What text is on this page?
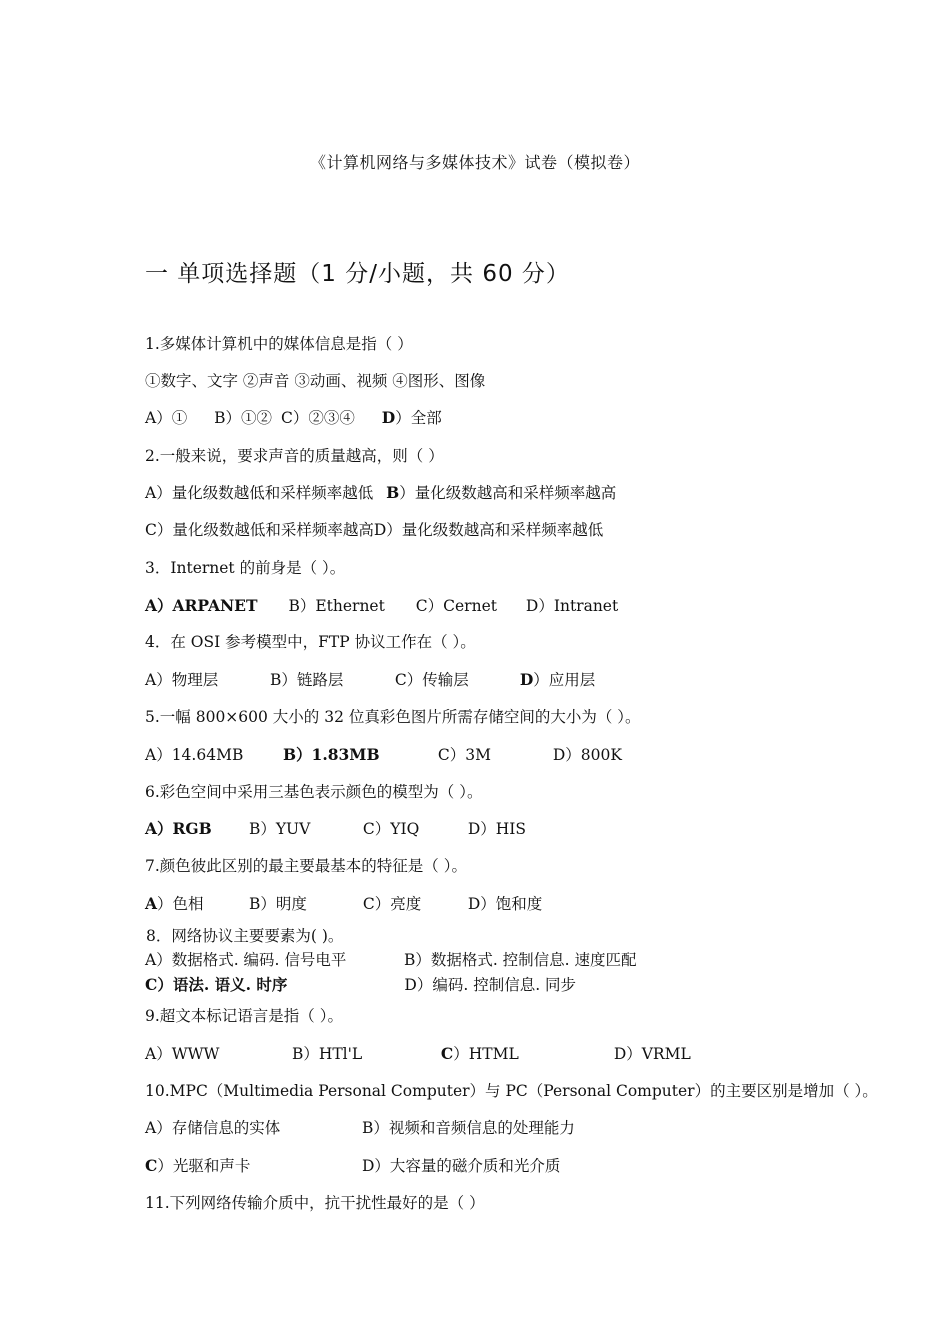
《计算机网络与多媒体技术》试卷（模拟卷）
一 单项选择题（1 分/小题，共 60 分）
1.多媒体计算机中的媒体信息是指（ ）
①数字、文字 ②声音 ③动画、视频 ④图形、图像
A）① B）①② C）②③④ D）全部
2.一般来说，要求声音的质量越高，则（ ）
A）量化级数越低和采样频率越低 B）量化级数越高和采样频率越高
C）量化级数越低和采样频率越高D）量化级数越高和采样频率越低
3．Internet 的前身是（ ）。
A）ARPANET B）Ethernet C）Cernet D）Intranet
4．在 OSI 参考模型中，FTP 协议工作在（ ）。
A）物理层	B）链路层	C）传输层	D）应用层
5.一幅 800×600 大小的 32 位真彩色图片所需存储空间的大小为（ ）。
A）14.64MB	B）1.83MB	C）3M	D）800K
6.彩色空间中采用三基色表示颜色的模型为（ ）。
A）RGB B）YUV	C）YIQ	D）HIS
7.颜色彼此区别的最主要最基本的特征是（ ）。
A）色相	B）明度	C）亮度	D）饱和度
8．网络协议主要要素为( )。
A）数据格式. 编码. 信号电平	B）数据格式. 控制信息. 速度匹配
C）语法. 语义. 时序	D）编码. 控制信息. 同步
9.超文本标记语言是指（ ）。
A）WWW	B）HTl'L	C）HTML	D）VRML
10.MPC（Multimedia Personal Computer）与 PC（Personal Computer）的主要区别是增加（ ）。
A）存储信息的实体	B）视频和音频信息的处理能力
C）光驱和声卡	D）大容量的磁介质和光介质
11.下列网络传输介质中，抗干扰性最好的是（ ）
